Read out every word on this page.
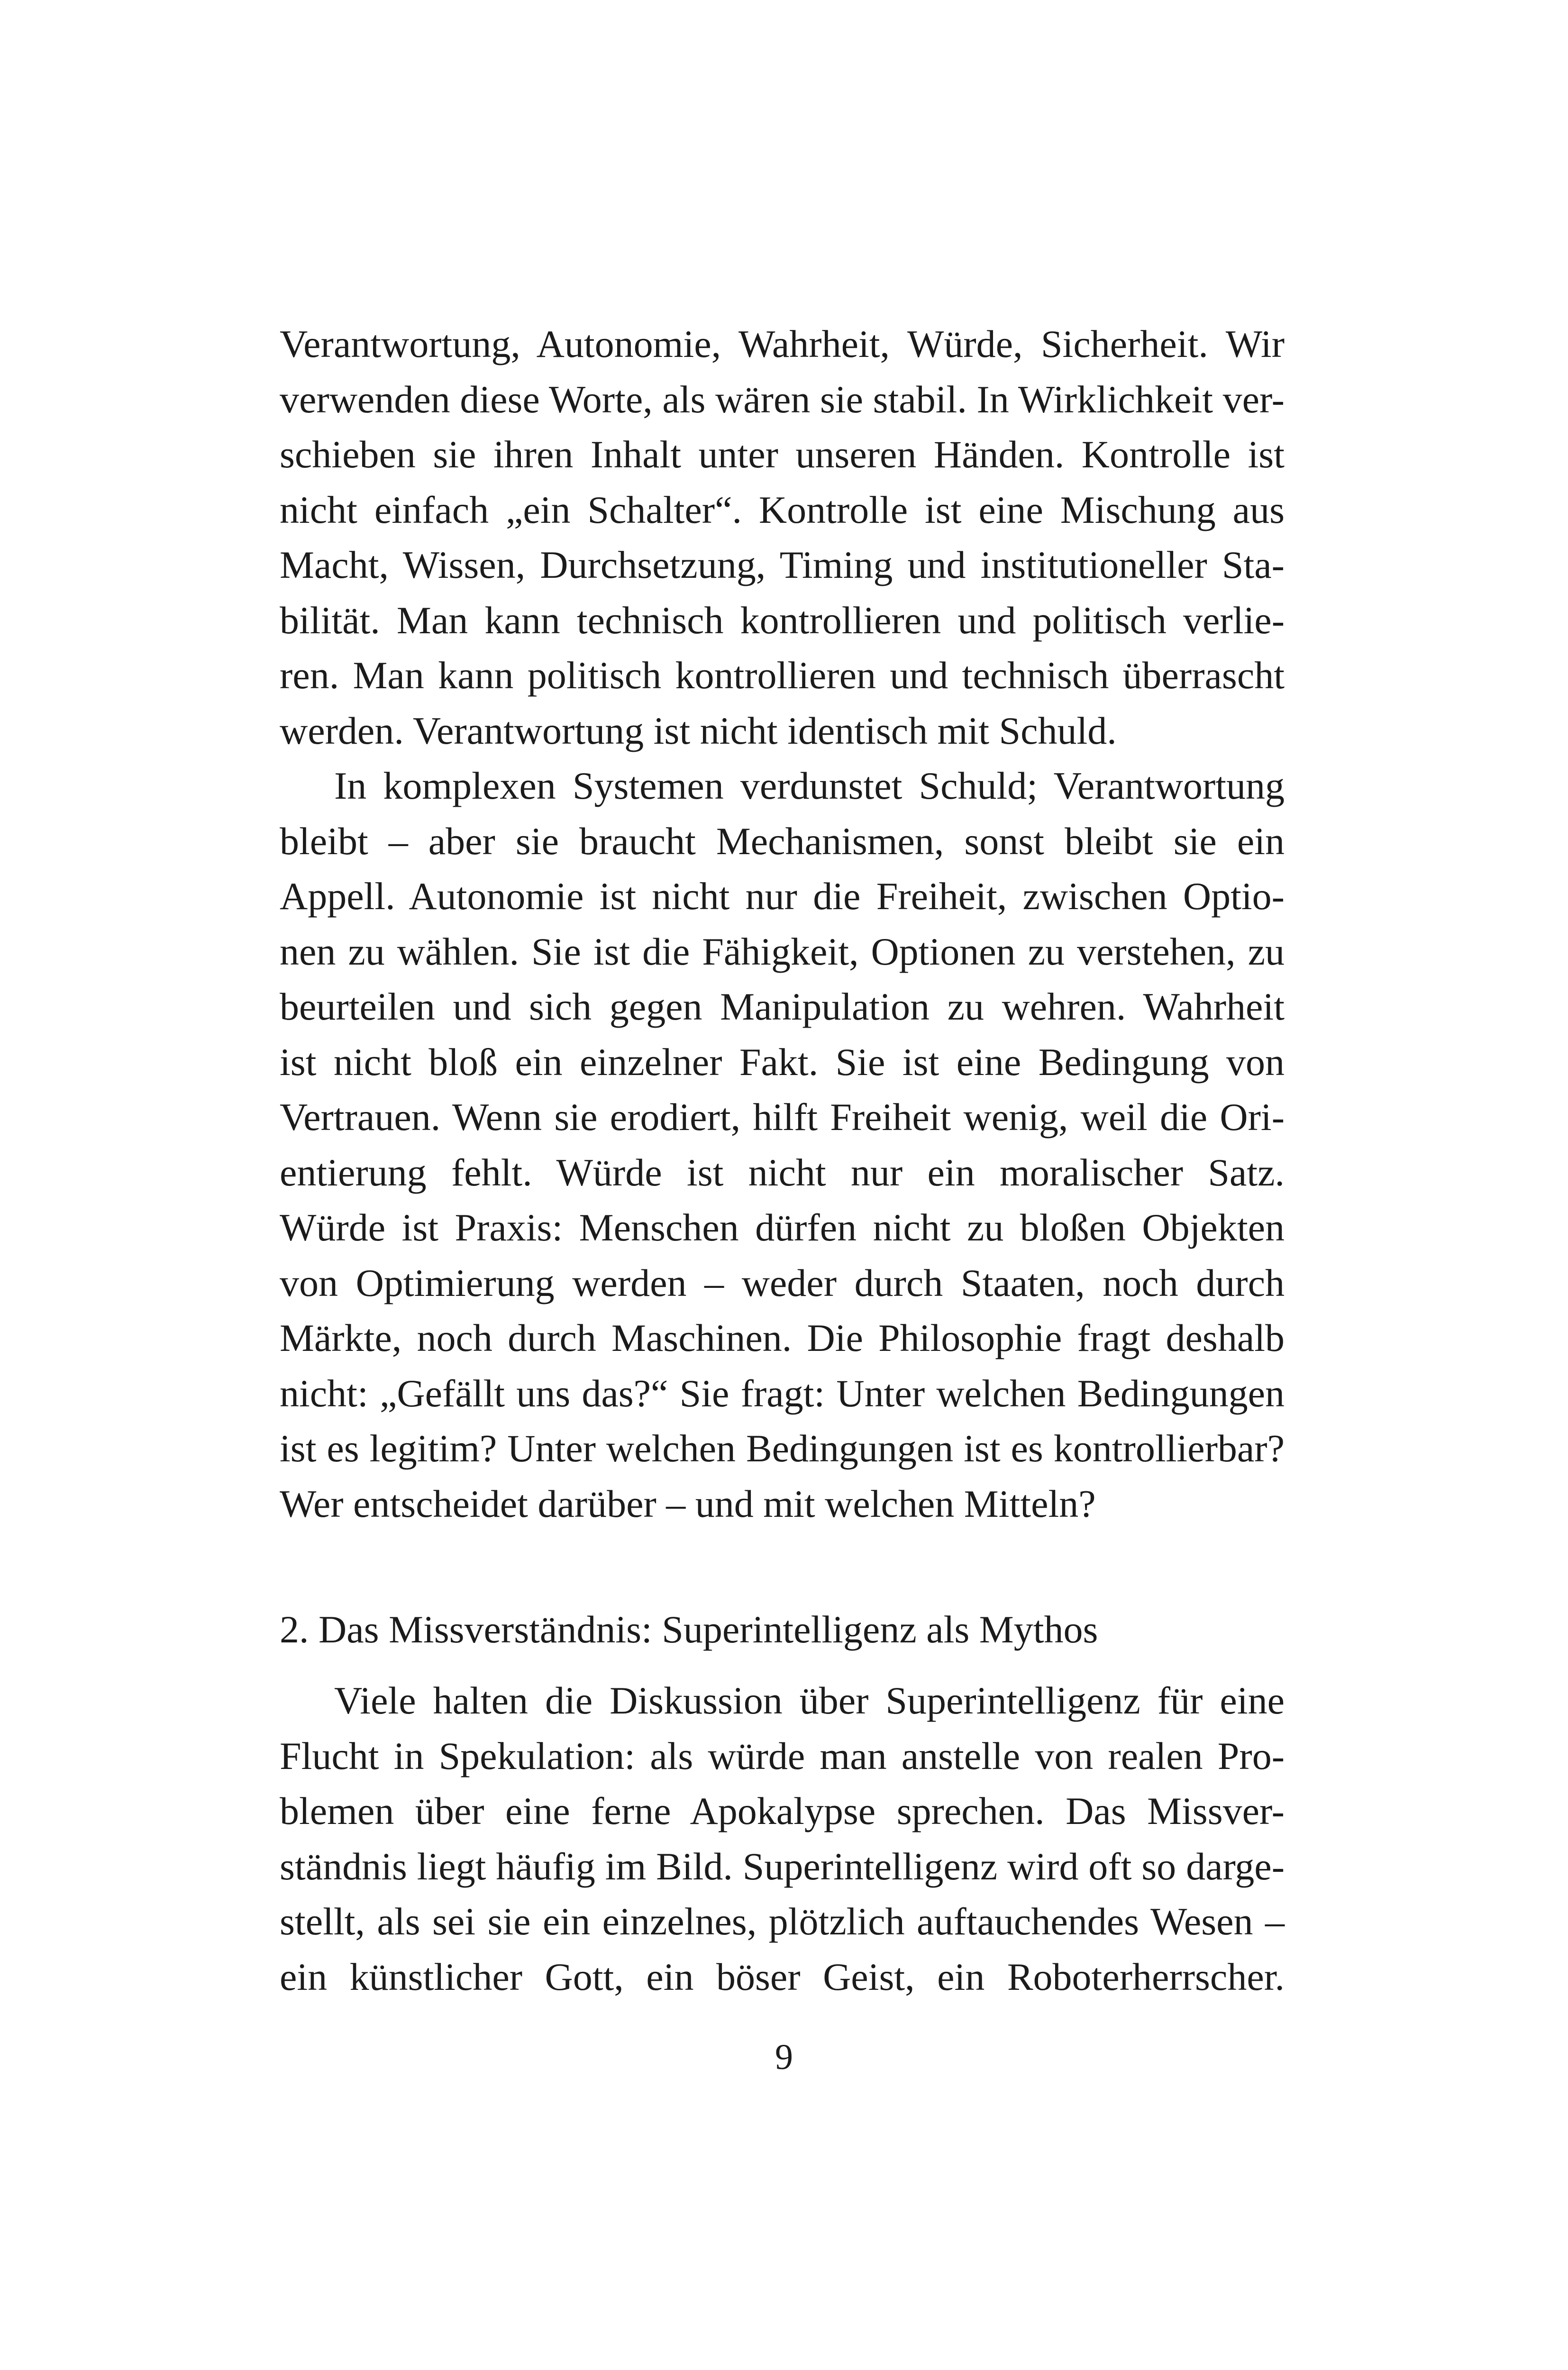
Verantwortung, Autonomie, Wahrheit, Würde, Sicherheit. Wir
verwenden diese Worte, als wären sie stabil. In Wirklichkeit ver-
schieben sie ihren Inhalt unter unseren Händen. Kontrolle ist
nicht einfach „ein Schalter“. Kontrolle ist eine Mischung aus
Macht, Wissen, Durchsetzung, Timing und institutioneller Sta-
bilität. Man kann technisch kontrollieren und politisch verlie-
ren. Man kann politisch kontrollieren und technisch überrascht
werden. Verantwortung ist nicht identisch mit Schuld.
In komplexen Systemen verdunstet Schuld; Verantwortung
bleibt – aber sie braucht Mechanismen, sonst bleibt sie ein
Appell. Autonomie ist nicht nur die Freiheit, zwischen Optio-
nen zu wählen. Sie ist die Fähigkeit, Optionen zu verstehen, zu
beurteilen und sich gegen Manipulation zu wehren. Wahrheit
ist nicht bloß ein einzelner Fakt. Sie ist eine Bedingung von
Vertrauen. Wenn sie erodiert, hilft Freiheit wenig, weil die Ori-
entierung fehlt. Würde ist nicht nur ein moralischer Satz.
Würde ist Praxis: Menschen dürfen nicht zu bloßen Objekten
von Optimierung werden – weder durch Staaten, noch durch
Märkte, noch durch Maschinen. Die Philosophie fragt deshalb
nicht: „Gefällt uns das?“ Sie fragt: Unter welchen Bedingungen
ist es legitim? Unter welchen Bedingungen ist es kontrollierbar?
Wer entscheidet darüber – und mit welchen Mitteln?
2. Das Missverständnis: Superintelligenz als Mythos
Viele halten die Diskussion über Superintelligenz für eine
Flucht in Spekulation: als würde man anstelle von realen Pro-
blemen über eine ferne Apokalypse sprechen. Das Missver-
ständnis liegt häufig im Bild. Superintelligenz wird oft so darge-
stellt, als sei sie ein einzelnes, plötzlich auftauchendes Wesen –
ein künstlicher Gott, ein böser Geist, ein Roboterherrscher.
9
